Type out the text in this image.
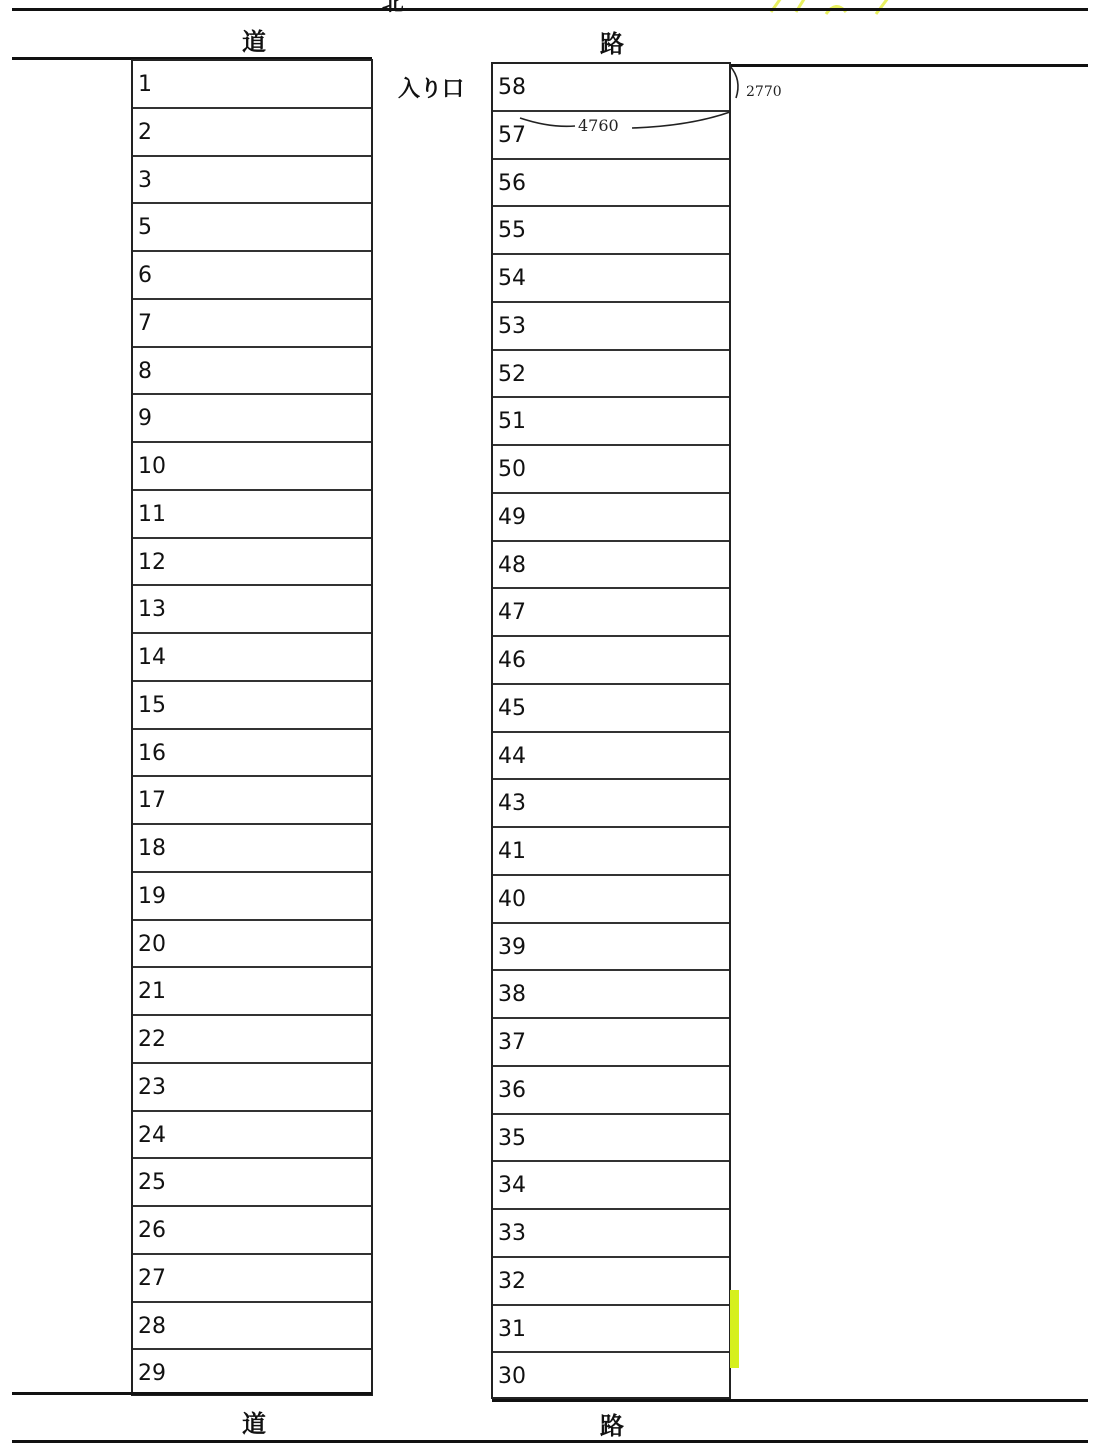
道	路
入り口
1
2
3
5
6
7
8
9
10
11
12
13
14
15
16
17
18
19
20
21
22
23
24
25
26
27
28
29
58
57
56
55
54
53
52
51
50
49
48
47
46
45
44
43
41
40
39
38
37
36
35
34
33
32
31
30
4760
2770
道	路
